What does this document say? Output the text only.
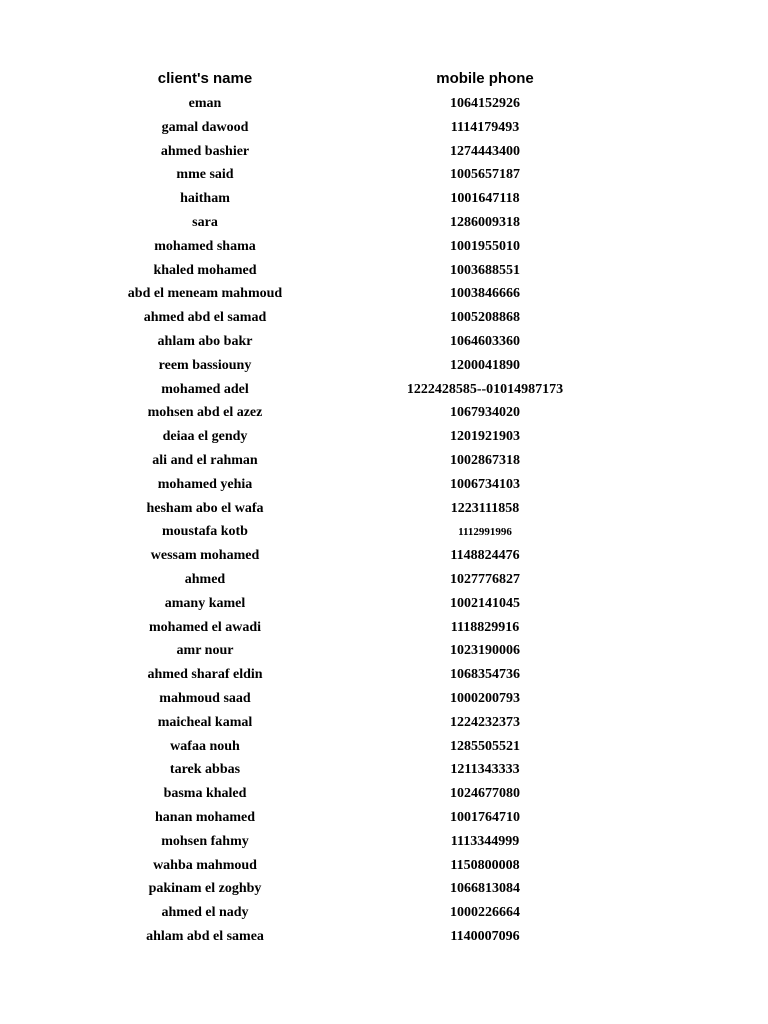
client's name	mobile phone
eman	1064152926
gamal dawood	1114179493
ahmed bashier	1274443400
mme said	1005657187
haitham	1001647118
sara	1286009318
mohamed shama	1001955010
khaled mohamed	1003688551
abd el meneam mahmoud	1003846666
ahmed abd el samad	1005208868
ahlam abo bakr	1064603360
reem bassiouny	1200041890
mohamed adel	1222428585--01014987173
mohsen abd el azez	1067934020
deiaa el gendy	1201921903
ali and el rahman	1002867318
mohamed yehia	1006734103
hesham abo el wafa	1223111858
moustafa kotb	1112991996
wessam mohamed	1148824476
ahmed	1027776827
amany kamel	1002141045
mohamed el awadi	1118829916
amr nour	1023190006
ahmed sharaf eldin	1068354736
mahmoud saad	1000200793
maicheal kamal	1224232373
wafaa nouh	1285505521
tarek abbas	1211343333
basma khaled	1024677080
hanan mohamed	1001764710
mohsen fahmy	1113344999
wahba mahmoud	1150800008
pakinam el zoghby	1066813084
ahmed el nady	1000226664
ahlam abd el samea	1140007096
